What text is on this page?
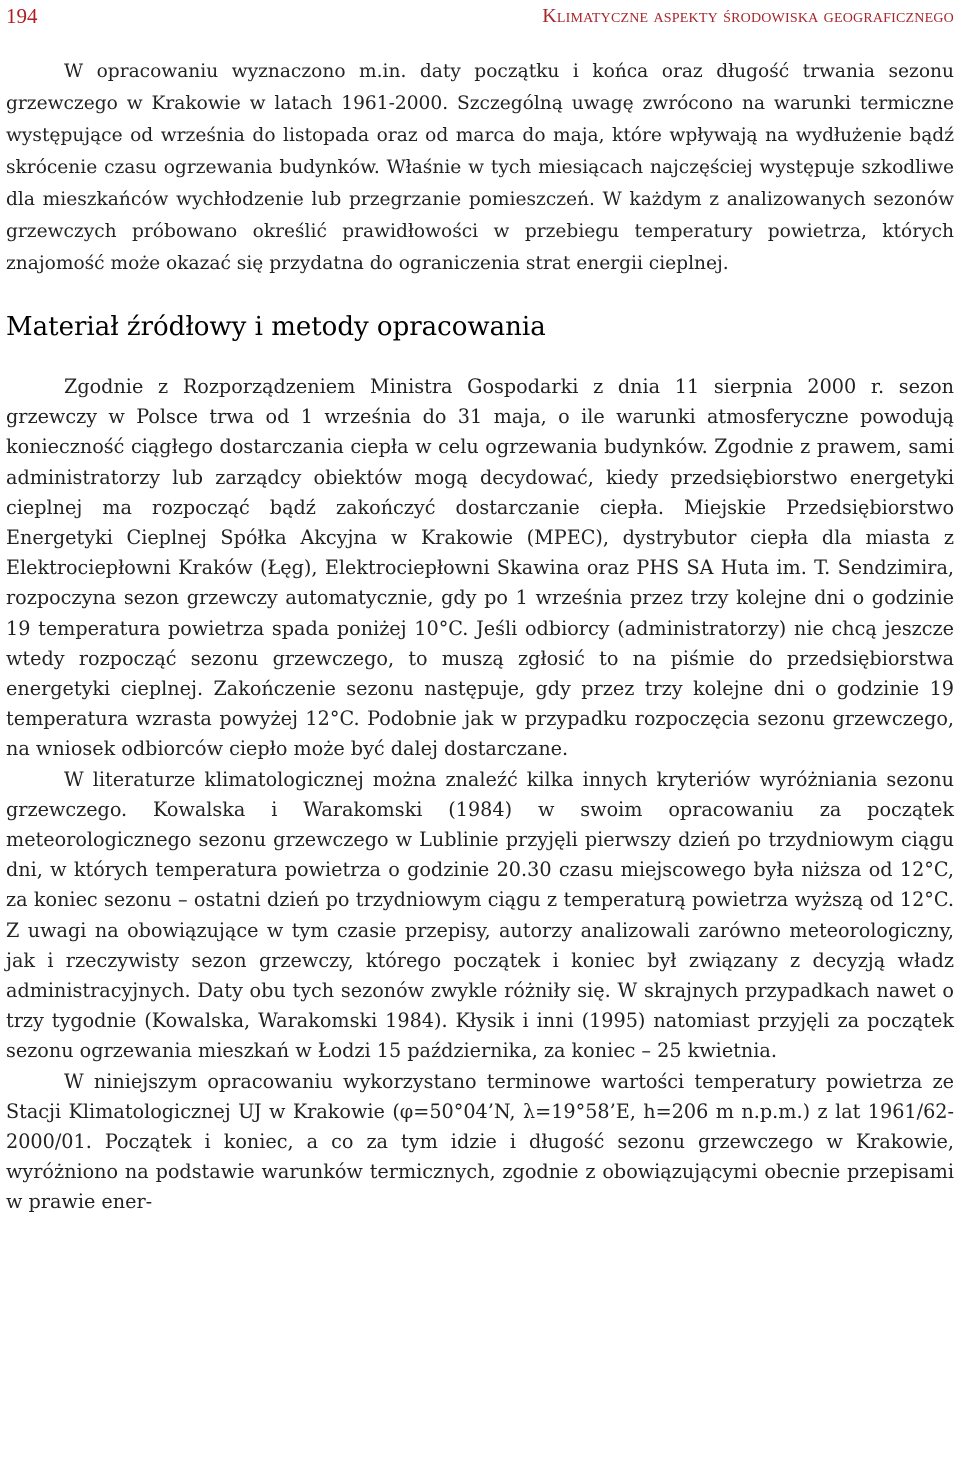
194	Klimatyczne aspekty środowiska geograficznego

W opracowaniu wyznaczono m.in. daty początku i końca oraz długość trwania sezonu grzewczego w Krakowie w latach 1961-2000. Szczególną uwagę zwrócono na warunki termiczne występujące od września do listopada oraz od marca do maja, które wpływają na wydłużenie bądź skrócenie czasu ogrzewania budynków. Właśnie w tych miesiącach najczęściej występuje szkodliwe dla mieszkańców wychłodzenie lub przegrzanie pomieszczeń. W każdym z analizowanych sezonów grzewczych próbowano określić prawidłowości w przebiegu temperatury powietrza, których znajomość może okazać się przydatna do ograniczenia strat energii cieplnej.

Materiał źródłowy i metody opracowania

Zgodnie z Rozporządzeniem Ministra Gospodarki z dnia 11 sierpnia 2000 r. sezon grzewczy w Polsce trwa od 1 września do 31 maja, o ile warunki atmosferyczne powodują konieczność ciągłego dostarczania ciepła w celu ogrzewania budynków. Zgodnie z prawem, sami administratorzy lub zarządcy obiektów mogą decydować, kiedy przedsiębiorstwo energetyki cieplnej ma rozpocząć bądź zakończyć dostarczanie ciepła. Miejskie Przedsiębiorstwo Energetyki Cieplnej Spółka Akcyjna w Krakowie (MPEC), dystrybutor ciepła dla miasta z Elektrociepłowni Kraków (Łęg), Elektrociepłowni Skawina oraz PHS SA Huta im. T. Sendzimira, rozpoczyna sezon grzewczy automatycznie, gdy po 1 września przez trzy kolejne dni o godzinie 19 temperatura powietrza spada poniżej 10°C. Jeśli odbiorcy (administratorzy) nie chcą jeszcze wtedy rozpocząć sezonu grzewczego, to muszą zgłosić to na piśmie do przedsiębiorstwa energetyki cieplnej. Zakończenie sezonu następuje, gdy przez trzy kolejne dni o godzinie 19 temperatura wzrasta powyżej 12°C. Podobnie jak w przypadku rozpoczęcia sezonu grzewczego, na wniosek odbiorców ciepło może być dalej dostarczane.

W literaturze klimatologicznej można znaleźć kilka innych kryteriów wyróżniania sezonu grzewczego. Kowalska i Warakomski (1984) w swoim opracowaniu za początek meteorologicznego sezonu grzewczego w Lublinie przyjęli pierwszy dzień po trzydniowym ciągu dni, w których temperatura powietrza o godzinie 20.30 czasu miejscowego była niższa od 12°C, za koniec sezonu – ostatni dzień po trzydniowym ciągu z temperaturą powietrza wyższą od 12°C. Z uwagi na obowiązujące w tym czasie przepisy, autorzy analizowali zarówno meteorologiczny, jak i rzeczywisty sezon grzewczy, którego początek i koniec był związany z decyzją władz administracyjnych. Daty obu tych sezonów zwykle różniły się. W skrajnych przypadkach nawet o trzy tygodnie (Kowalska, Warakomski 1984). Kłysik i inni (1995) natomiast przyjęli za początek sezonu ogrzewania mieszkań w Łodzi 15 października, za koniec – 25 kwietnia.

W niniejszym opracowaniu wykorzystano terminowe wartości temperatury powietrza ze Stacji Klimatologicznej UJ w Krakowie (φ=50°04’N, λ=19°58’E, h=206 m n.p.m.) z lat 1961/62-2000/01. Początek i koniec, a co za tym idzie i długość sezonu grzewczego w Krakowie, wyróżniono na podstawie warunków termicznych, zgodnie z obowiązującymi obecnie przepisami w prawie ener-
